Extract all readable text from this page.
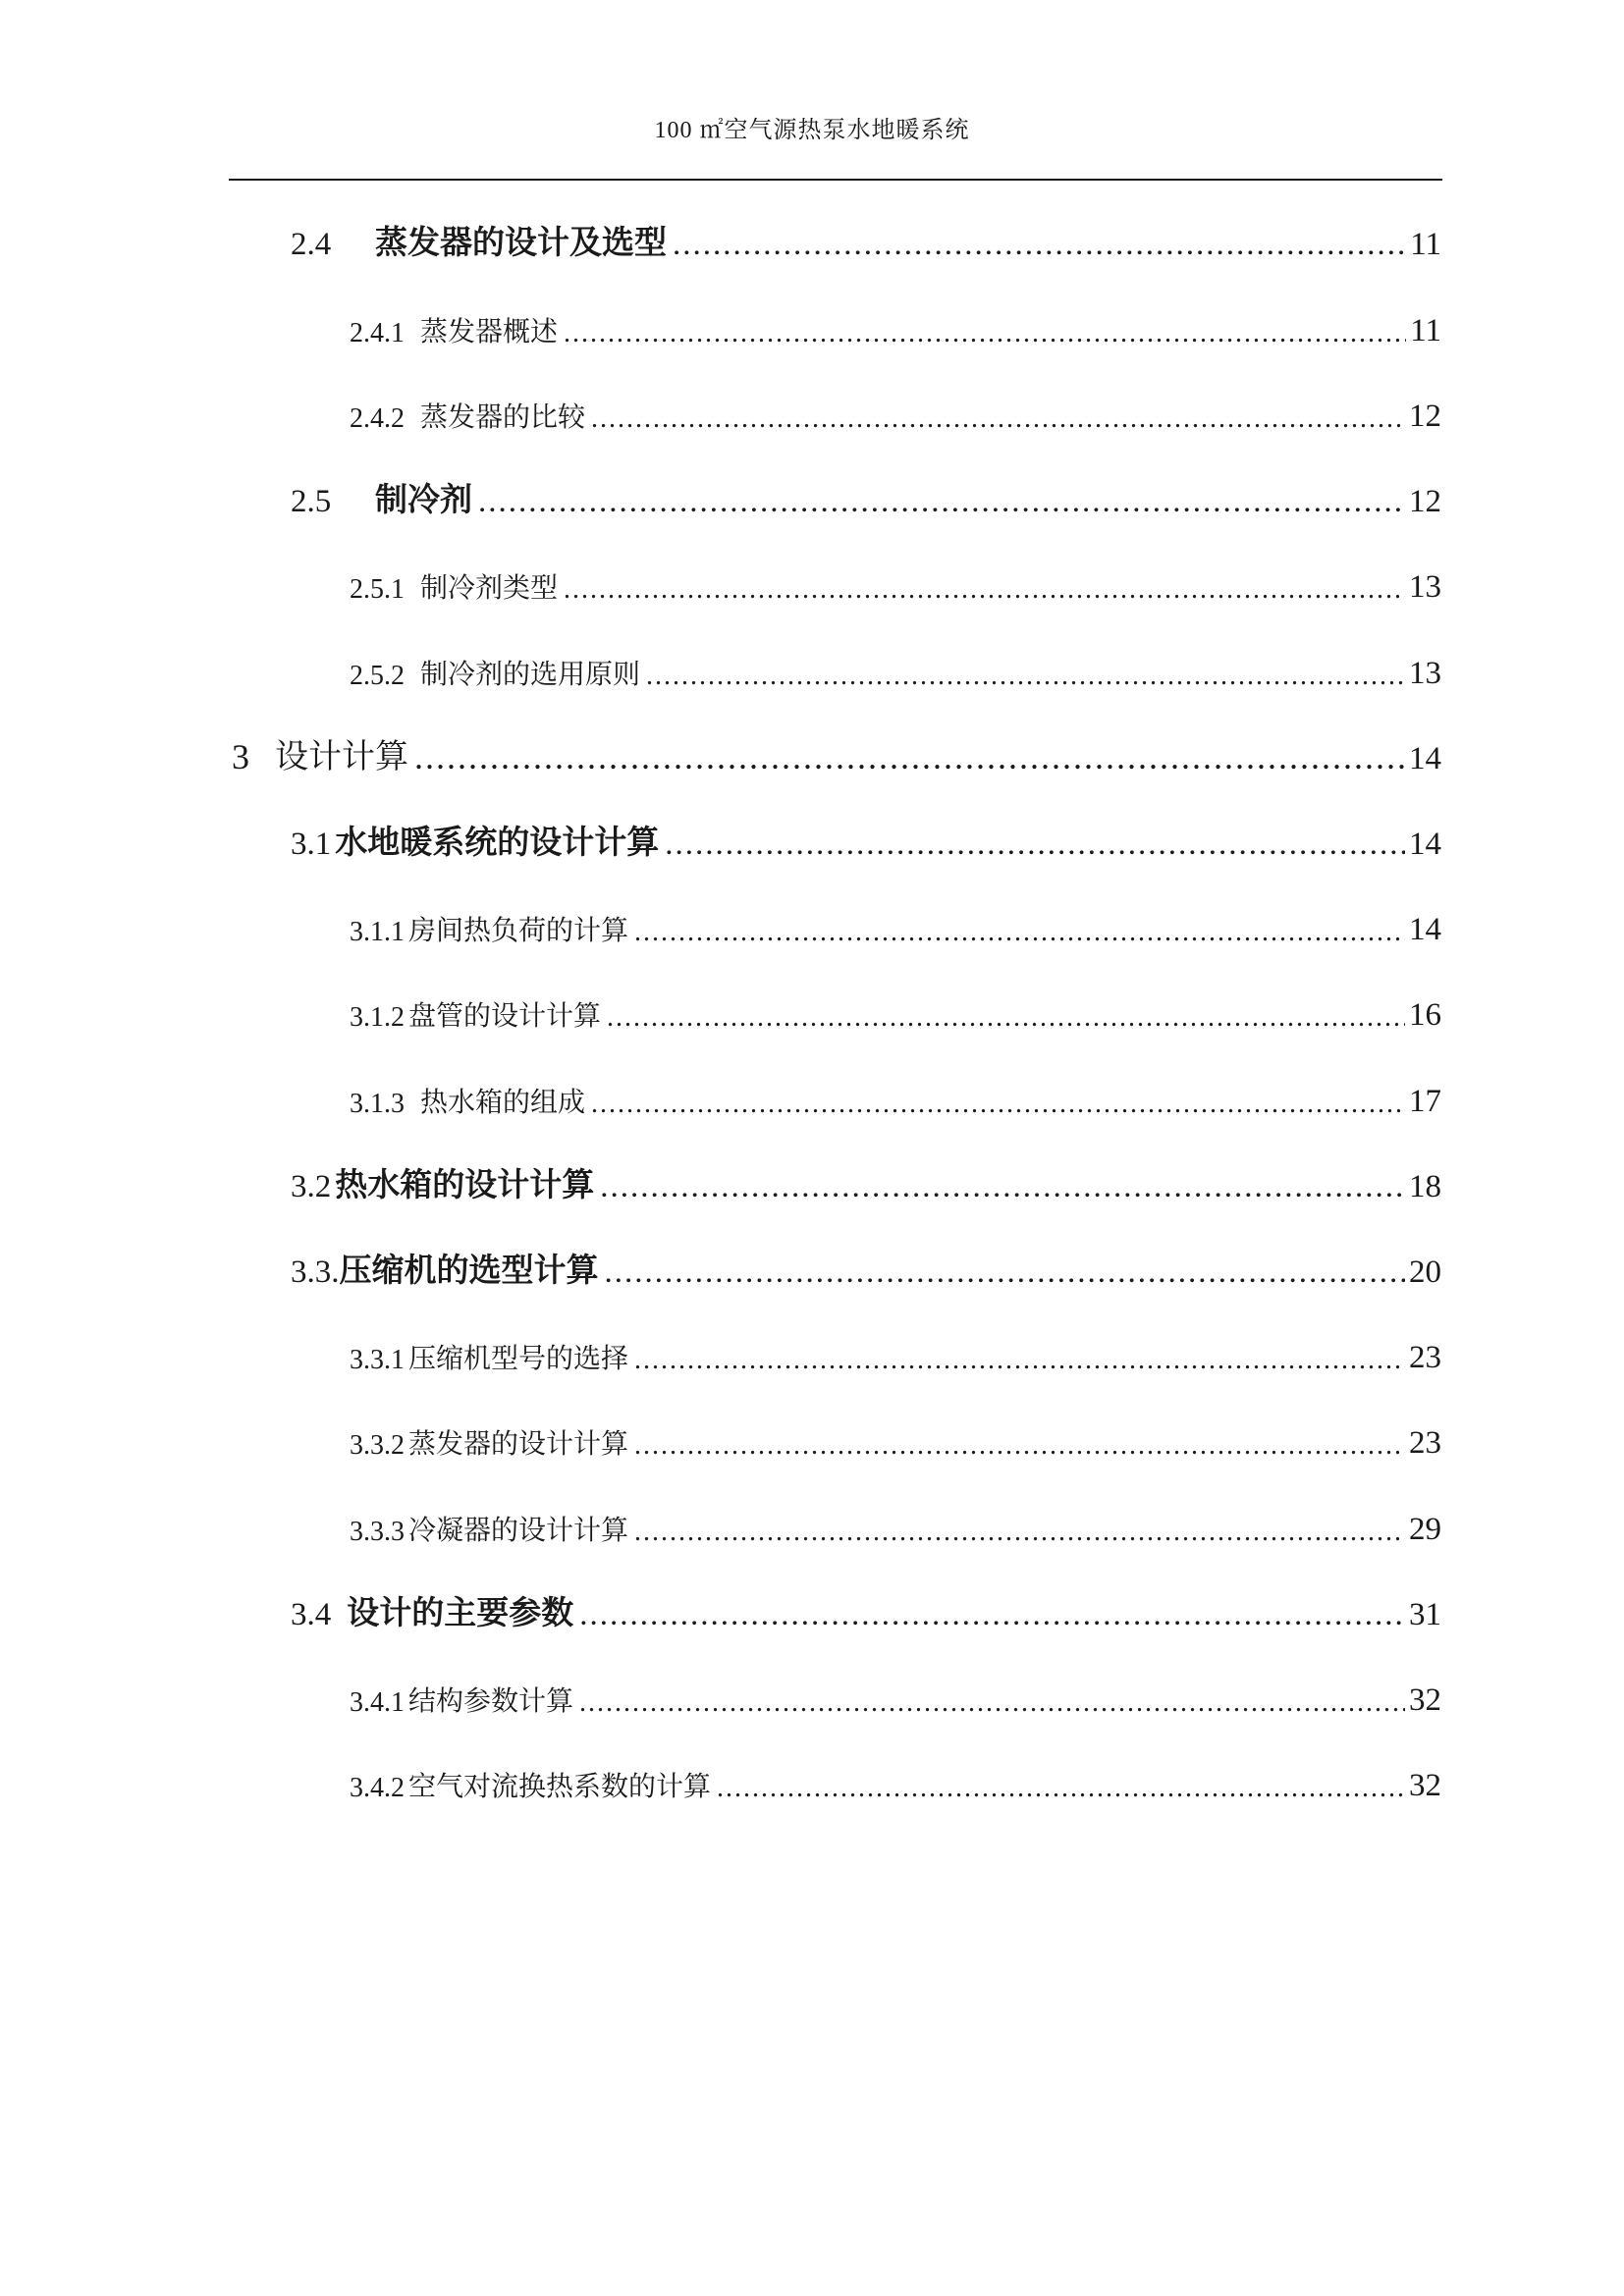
100 ㎡空气源热泵水地暖系统
2.4	蒸发器的设计及选型 .....	11
2.4.1 蒸发器概述 .....	11
2.4.2 蒸发器的比较 .....	12
2.5	制冷剂 .....	12
2.5.1 制冷剂类型 .....	13
2.5.2 制冷剂的选用原则 .....	13
3 设计计算 .....	14
3.1 水地暖系统的设计计算 .....	14
3.1.1 房间热负荷的计算 .....	14
3.1.2 盘管的设计计算 .....	16
3.1.3 热水箱的组成 .....	17
3.2 热水箱的设计计算 .....	18
3.3. 压缩机的选型计算 .....	20
3.3.1 压缩机型号的选择 .....	23
3.3.2 蒸发器的设计计算 .....	23
3.3.3 冷凝器的设计计算 .....	29
3.4 设计的主要参数 .....	31
3.4.1 结构参数计算 .....	32
3.4.2 空气对流换热系数的计算 .....	32
